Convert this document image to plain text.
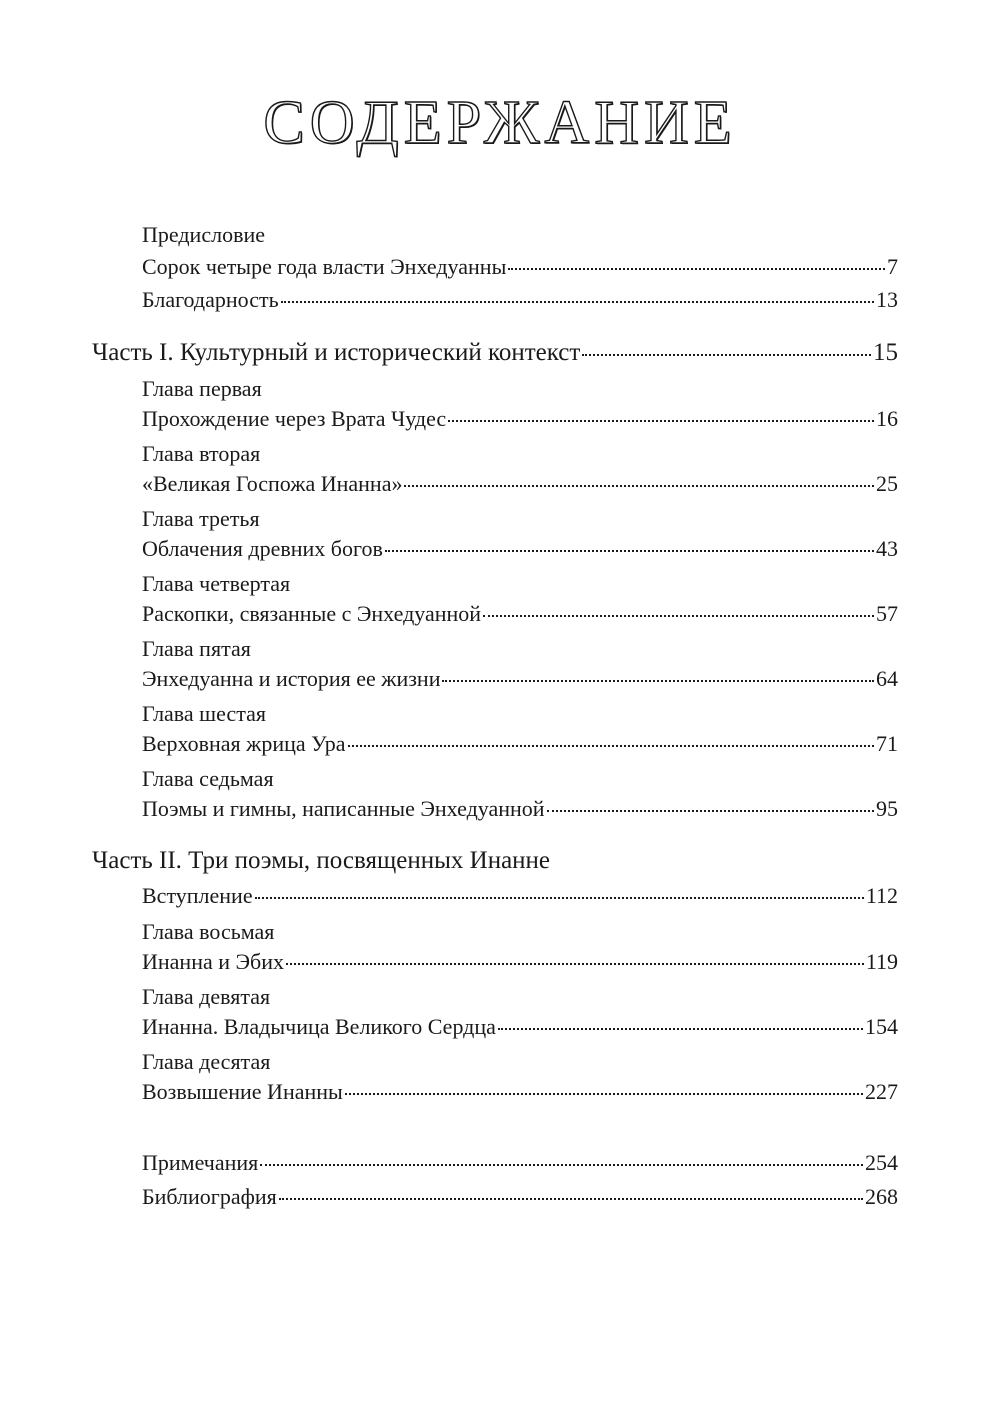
СОДЕРЖАНИЕ
Предисловие
Сорок четыре года власти Энхедуанны	7
Благодарность	13
Часть I. Культурный и исторический контекст	15
Глава первая
Прохождение через Врата Чудес	16
Глава вторая
«Великая Госпожа Инанна»	25
Глава третья
Облачения древних богов	43
Глава четвертая
Раскопки, связанные с Энхедуанной	57
Глава пятая
Энхедуанна и история ее жизни	64
Глава шестая
Верховная жрица Ура	71
Глава седьмая
Поэмы и гимны, написанные Энхедуанной	95
Часть II. Три поэмы, посвященных Инанне
Вступление	112
Глава восьмая
Инанна и Эбих	119
Глава девятая
Инанна. Владычица Великого Сердца	154
Глава десятая
Возвышение Инанны	227
Примечания	254
Библиография	268
